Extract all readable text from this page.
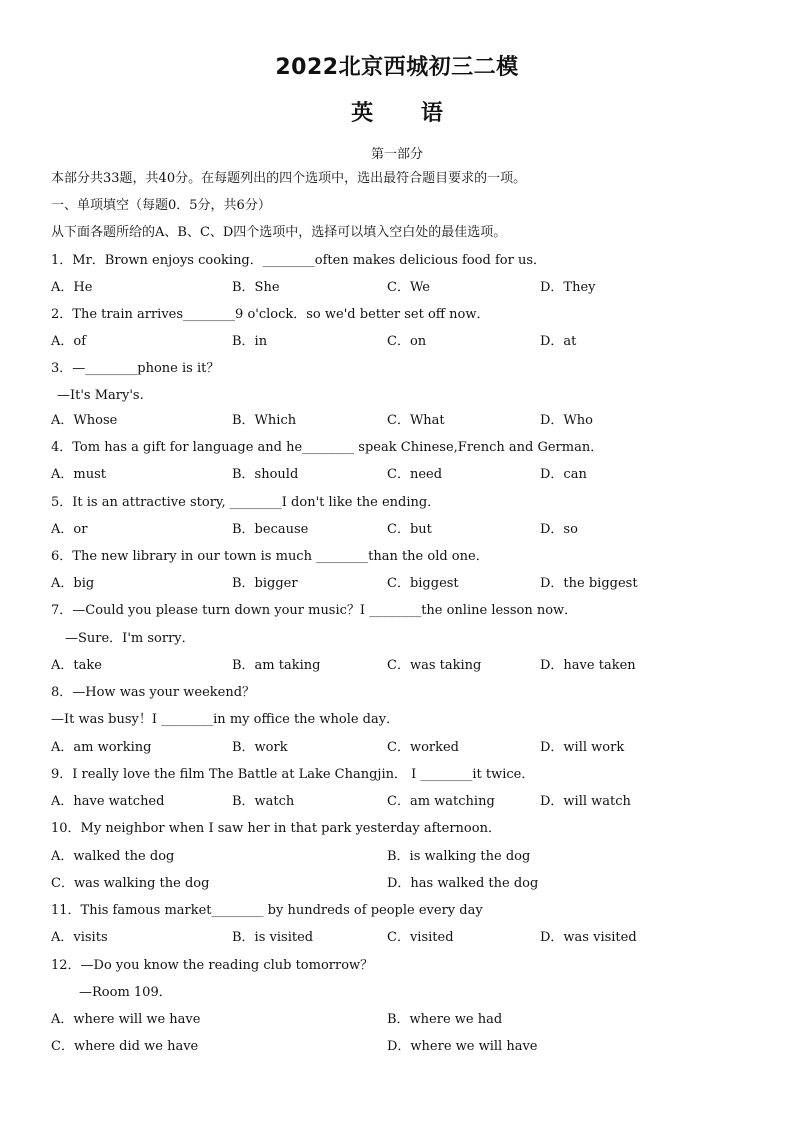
2022北京西城初三二模
英 语
第一部分
本部分共33题，共40分。在每题列出的四个选项中，选出最符合题目要求的一项。
一、单项填空（每题0．5分，共6分）
从下面各题所给的A、B、C、D四个选项中，选择可以填入空白处的最佳选项。
1．Mr．Brown enjoys cooking．________often makes delicious food for us．
A．He	B．She	C．We	D．They
2．The train arrives________9 o'clock．so we'd better set off now．
A．of	B．in	C．on	D．at
3．—________phone is it？
—It's Mary's.
A．Whose	B．Which	C．What	D．Who
4．Tom has a gift for language and he________ speak Chinese,French and German．
A．must	B．should	C．need	D．can
5．It is an attractive story, ________I don't like the ending．
A．or	B．because	C．but	D．so
6．The new library in our town is much ________than the old one．
A．big	B．bigger	C．biggest	D．the biggest
7．—Could you please turn down your music？I ________the online lesson now．
—Sure．I'm sorry．
A．take	B．am taking	C．was taking	D．have taken
8．—How was your weekend？
—It was busy！I ________in my office the whole day．
A．am working	B．work	C．worked	D．will work
9．I really love the film The Battle at Lake Changjin． I ________it twice．
A．have watched	B．watch	C．am watching	D．will watch
10．My neighbor when I saw her in that park yesterday afternoon．
A．walked the dog	B．is walking the dog
C．was walking the dog	D．has walked the dog
11．This famous market________ by hundreds of people every day
A．visits	B．is visited	C．visited	D．was visited
12．—Do you know the reading club tomorrow？
—Room 109．
A．where will we have	B．where we had
C．where did we have	D．where we will have
